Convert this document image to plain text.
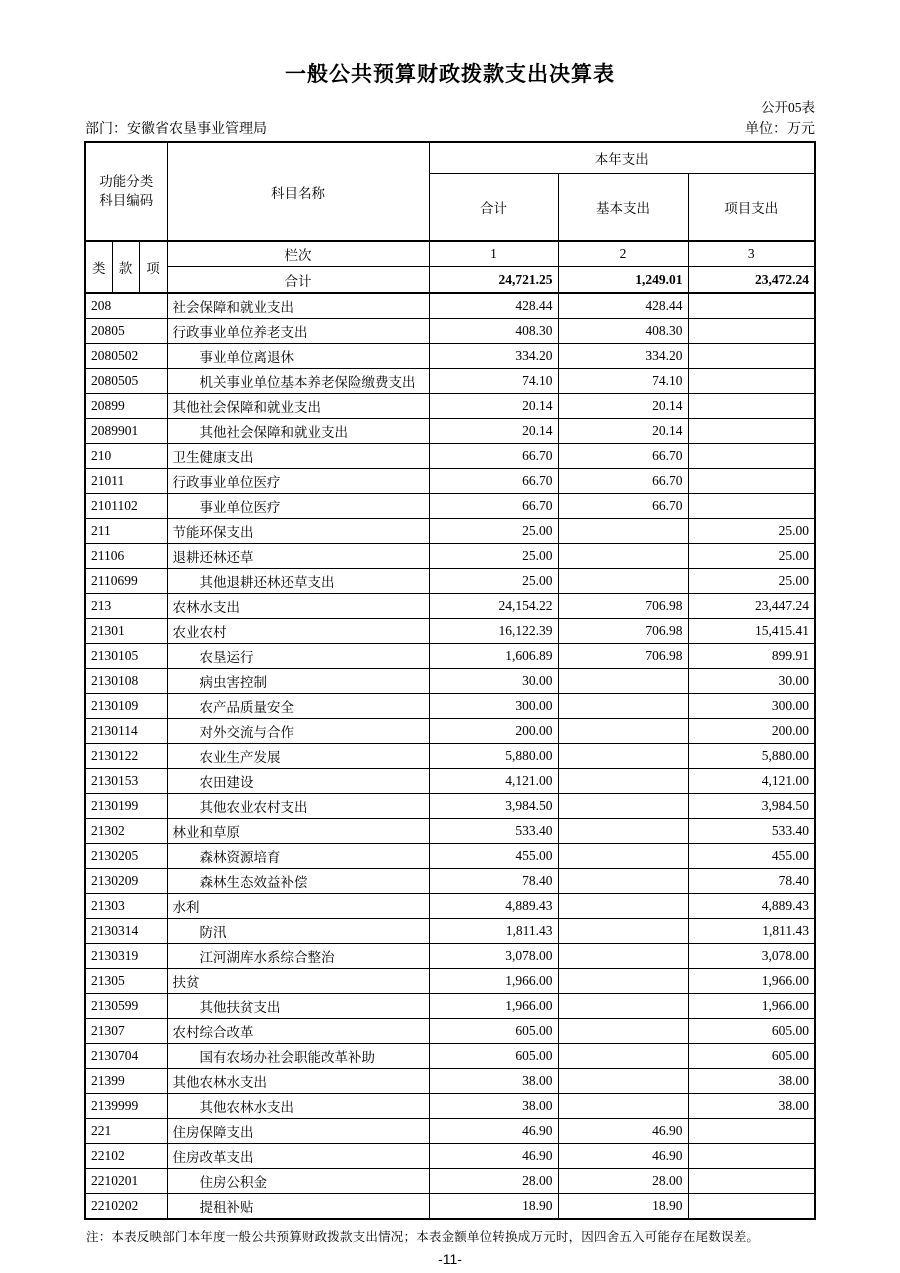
一般公共预算财政拨款支出决算表
公开05表
部门：安徽省农垦事业管理局	单位：万元
功能分类
科目编码			科目名称	本年支出		
				合计	基本支出	项目支出
类	款	项	栏次	1	2	3
			合计	24,721.25	1,249.01	23,472.24
208			社会保障和就业支出	428.44	428.44	
20805			行政事业单位养老支出	408.30	408.30	
2080502			事业单位离退休	334.20	334.20	
2080505			机关事业单位基本养老保险缴费支出	74.10	74.10	
20899			其他社会保障和就业支出	20.14	20.14	
2089901			其他社会保障和就业支出	20.14	20.14	
210			卫生健康支出	66.70	66.70	
21011			行政事业单位医疗	66.70	66.70	
2101102			事业单位医疗	66.70	66.70	
211			节能环保支出	25.00		25.00
21106			退耕还林还草	25.00		25.00
2110699			其他退耕还林还草支出	25.00		25.00
213			农林水支出	24,154.22	706.98	23,447.24
21301			农业农村	16,122.39	706.98	15,415.41
2130105			农垦运行	1,606.89	706.98	899.91
2130108			病虫害控制	30.00		30.00
2130109			农产品质量安全	300.00		300.00
2130114			对外交流与合作	200.00		200.00
2130122			农业生产发展	5,880.00		5,880.00
2130153			农田建设	4,121.00		4,121.00
2130199			其他农业农村支出	3,984.50		3,984.50
21302			林业和草原	533.40		533.40
2130205			森林资源培育	455.00		455.00
2130209			森林生态效益补偿	78.40		78.40
21303			水利	4,889.43		4,889.43
2130314			防汛	1,811.43		1,811.43
2130319			江河湖库水系综合整治	3,078.00		3,078.00
21305			扶贫	1,966.00		1,966.00
2130599			其他扶贫支出	1,966.00		1,966.00
21307			农村综合改革	605.00		605.00
2130704			国有农场办社会职能改革补助	605.00		605.00
21399			其他农林水支出	38.00		38.00
2139999			其他农林水支出	38.00		38.00
221			住房保障支出	46.90	46.90	
22102			住房改革支出	46.90	46.90	
2210201			住房公积金	28.00	28.00	
2210202			提租补贴	18.90	18.90	
注：本表反映部门本年度一般公共预算财政拨款支出情况；本表金额单位转换成万元时，因四舍五入可能存在尾数误差。
-11-
